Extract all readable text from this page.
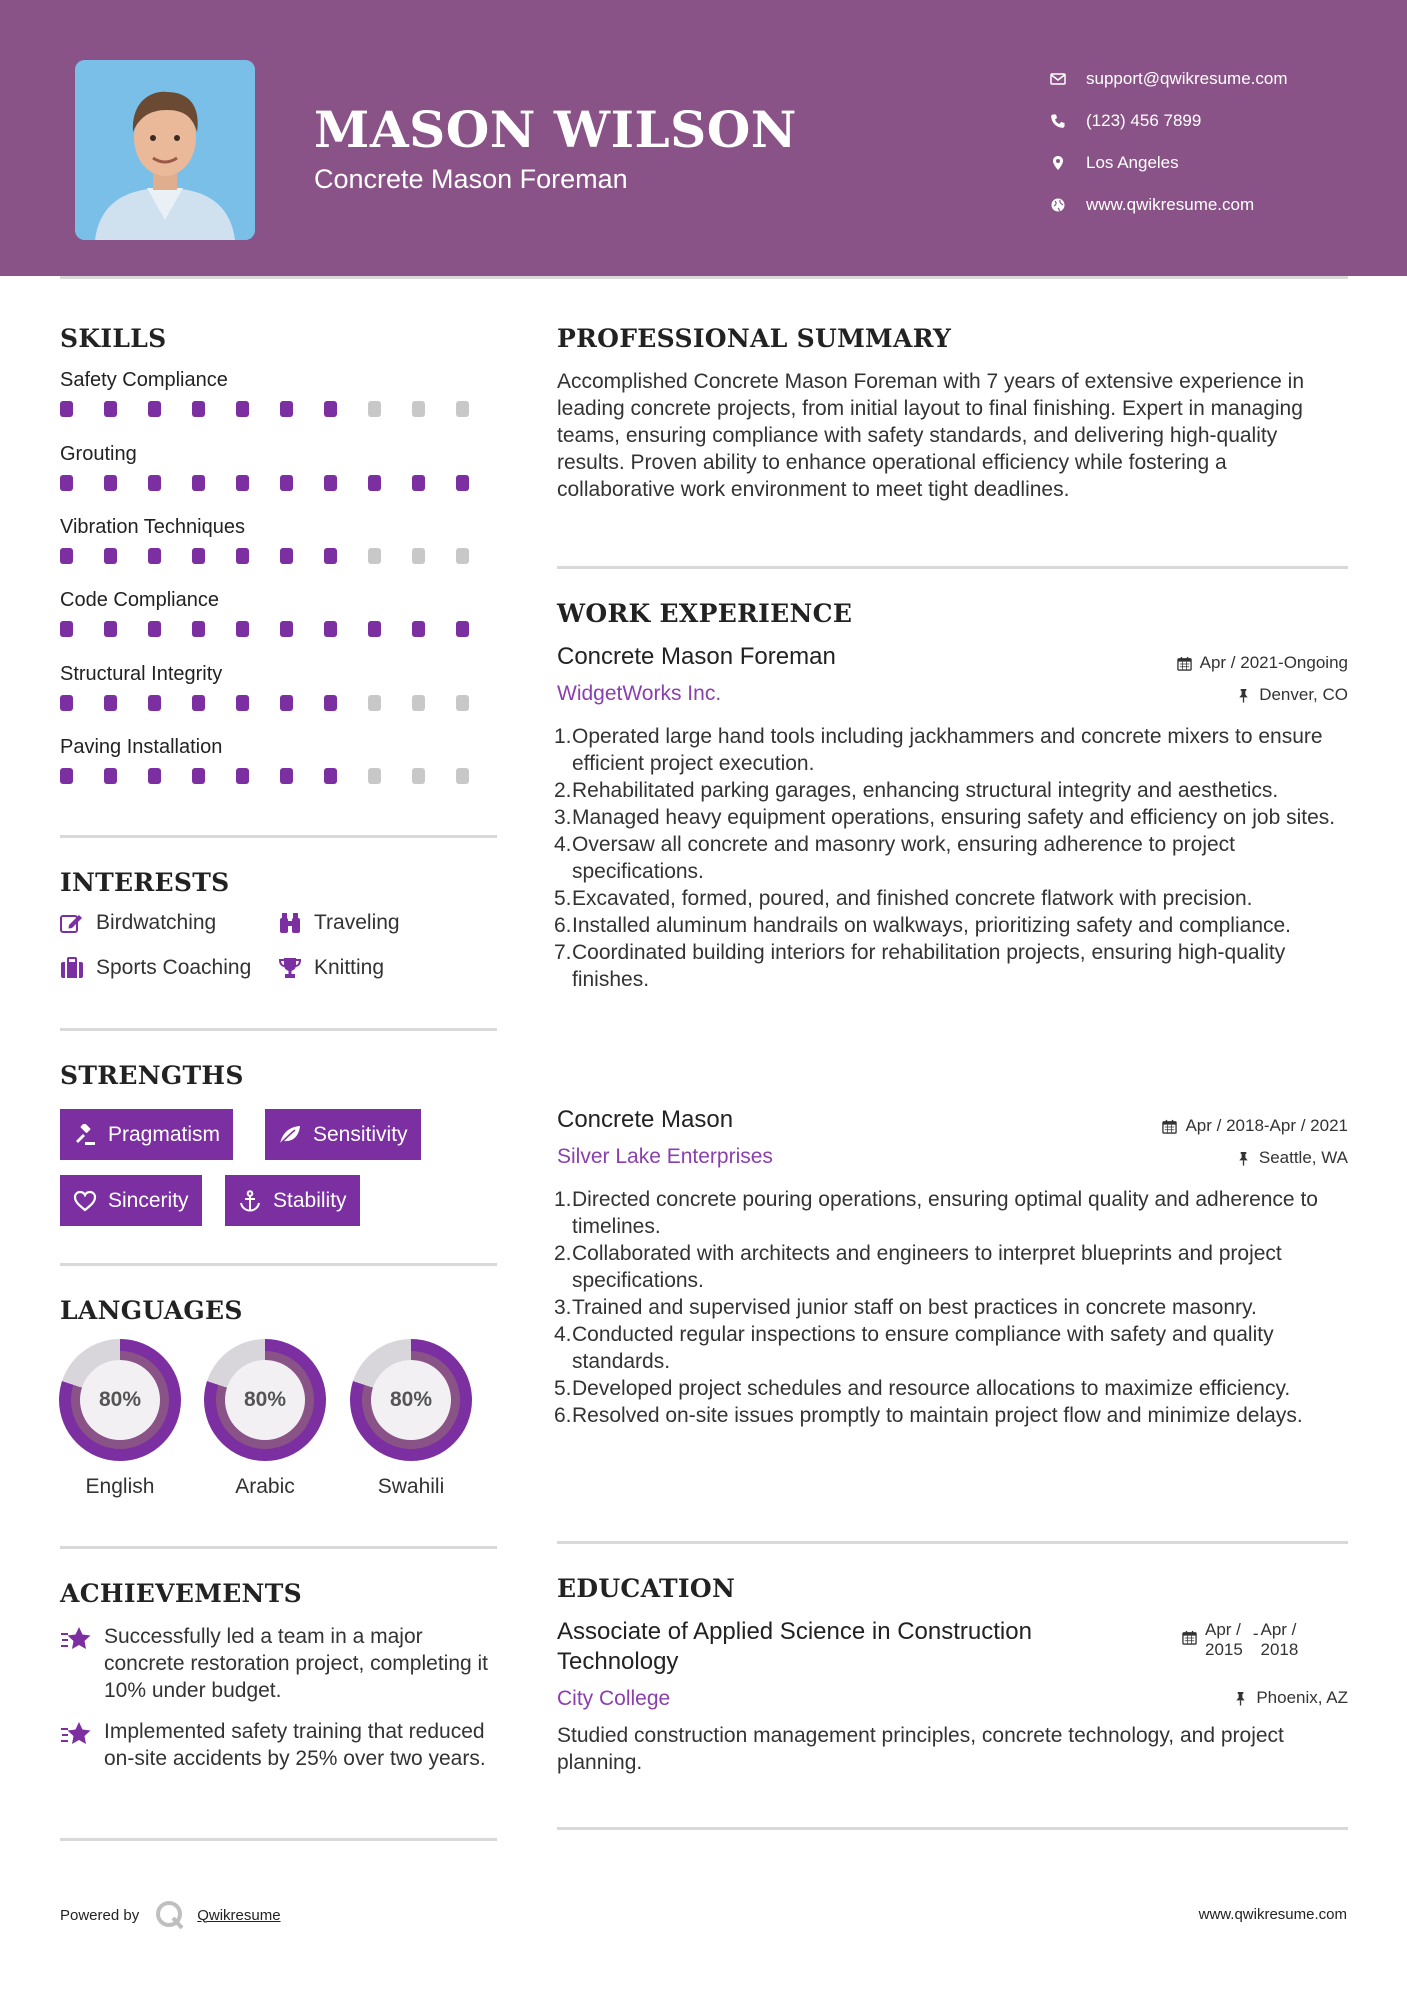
MASON WILSON
Concrete Mason Foreman
support@qwikresume.com
(123) 456 7899
Los Angeles
www.qwikresume.com
SKILLS
Safety Compliance
Grouting
Vibration Techniques
Code Compliance
Structural Integrity
Paving Installation
INTERESTS
Birdwatching	Traveling
Sports Coaching	Knitting
STRENGTHS
Pragmatism	Sensitivity
Sincerity	Stability
LANGUAGES
80%
English
80%
Arabic
80%
Swahili
ACHIEVEMENTS
Successfully led a team in a major concrete restoration project, completing it 10% under budget.
Implemented safety training that reduced on-site accidents by 25% over two years.
PROFESSIONAL SUMMARY
Accomplished Concrete Mason Foreman with 7 years of extensive experience in leading concrete projects, from initial layout to final finishing. Expert in managing teams, ensuring compliance with safety standards, and delivering high-quality results. Proven ability to enhance operational efficiency while fostering a collaborative work environment to meet tight deadlines.
WORK EXPERIENCE
Concrete Mason Foreman	Apr / 2021-Ongoing
WidgetWorks Inc.	Denver, CO
1. Operated large hand tools including jackhammers and concrete mixers to ensure efficient project execution.
2. Rehabilitated parking garages, enhancing structural integrity and aesthetics.
3. Managed heavy equipment operations, ensuring safety and efficiency on job sites.
4. Oversaw all concrete and masonry work, ensuring adherence to project specifications.
5. Excavated, formed, poured, and finished concrete flatwork with precision.
6. Installed aluminum handrails on walkways, prioritizing safety and compliance.
7. Coordinated building interiors for rehabilitation projects, ensuring high-quality finishes.
Concrete Mason	Apr / 2018-Apr / 2021
Silver Lake Enterprises	Seattle, WA
1. Directed concrete pouring operations, ensuring optimal quality and adherence to timelines.
2. Collaborated with architects and engineers to interpret blueprints and project specifications.
3. Trained and supervised junior staff on best practices in concrete masonry.
4. Conducted regular inspections to ensure compliance with safety and quality standards.
5. Developed project schedules and resource allocations to maximize efficiency.
6. Resolved on-site issues promptly to maintain project flow and minimize delays.
EDUCATION
Associate of Applied Science in Construction Technology
Apr /
2015
- Apr /
2018
City College	Phoenix, AZ
Studied construction management principles, concrete technology, and project planning.
Powered by	Qwikresume	www.qwikresume.com
